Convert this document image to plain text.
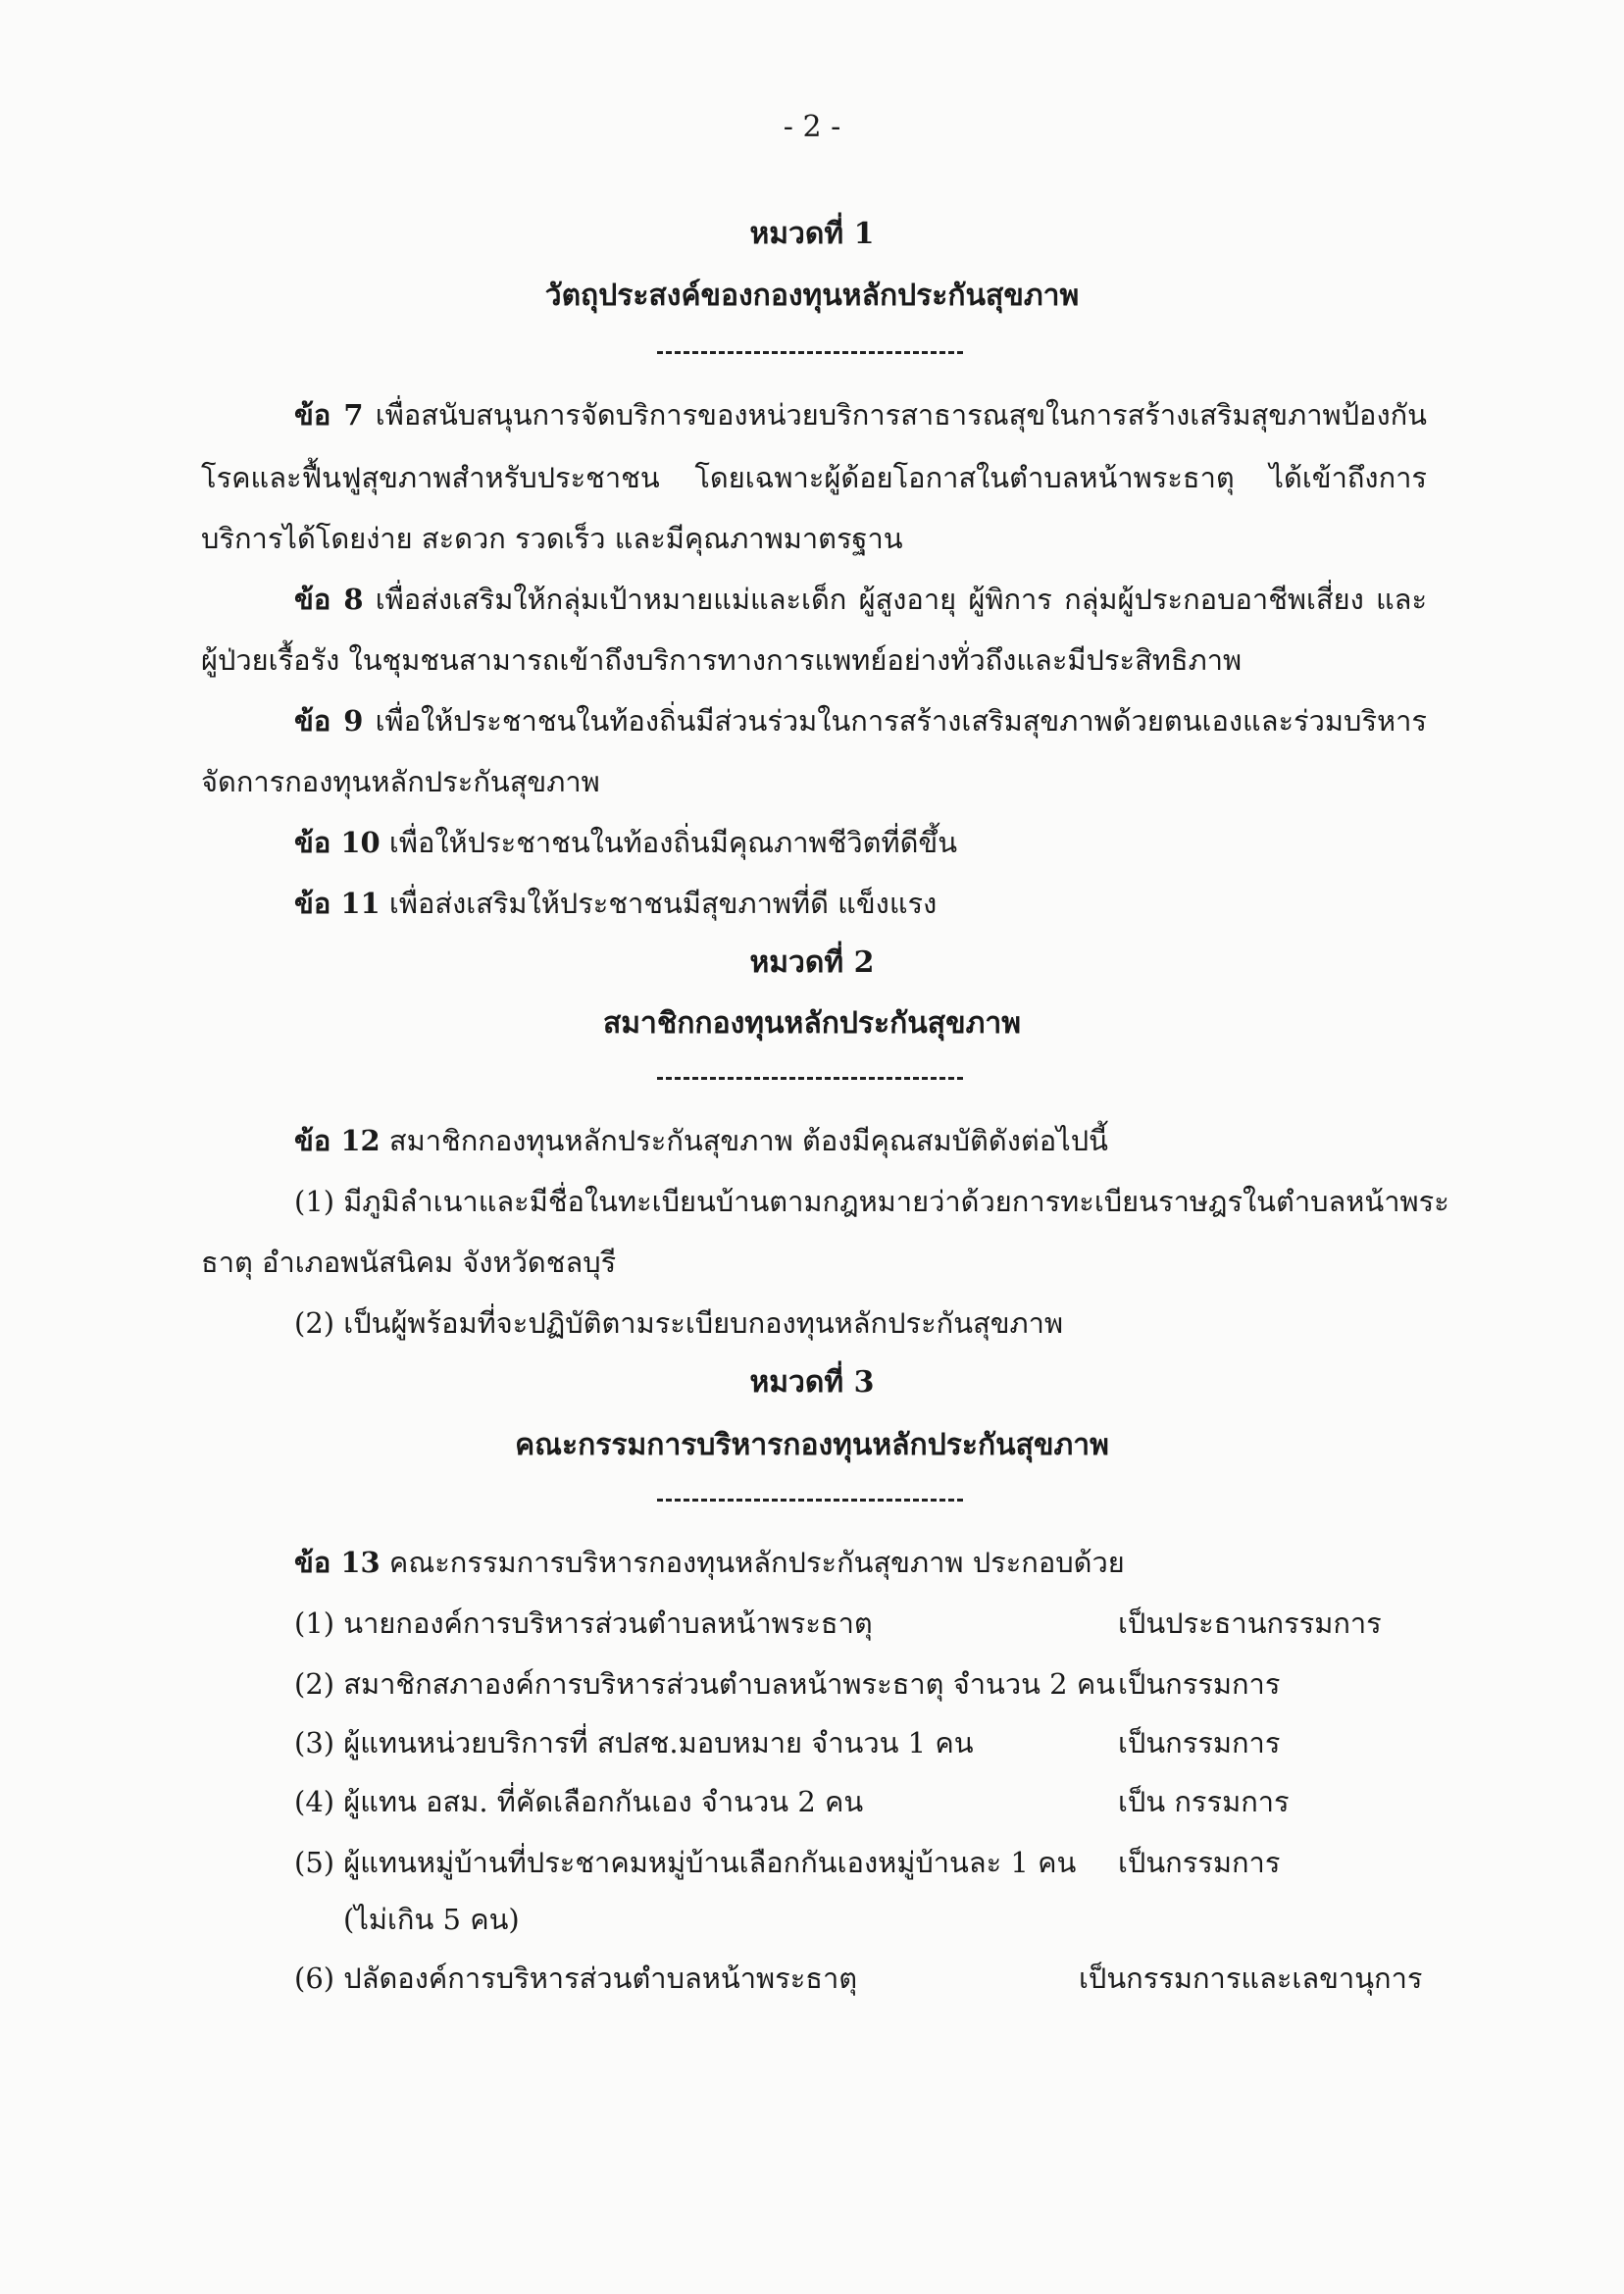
- 2 -
หมวดที่ 1
วัตถุประสงค์ของกองทุนหลักประกันสุขภาพ
ข้อ 7 เพื่อสนับสนุนการจัดบริการของหน่วยบริการสาธารณสุขในการสร้างเสริมสุขภาพป้องกัน
โรคและฟื้นฟูสุขภาพสำหรับประชาชน โดยเฉพาะผู้ด้อยโอกาสในตำบลหน้าพระธาตุ ได้เข้าถึงการ
บริการได้โดยง่าย สะดวก รวดเร็ว และมีคุณภาพมาตรฐาน
ข้อ 8 เพื่อส่งเสริมให้กลุ่มเป้าหมายแม่และเด็ก ผู้สูงอายุ ผู้พิการ กลุ่มผู้ประกอบอาชีพเสี่ยง และ
ผู้ป่วยเรื้อรัง ในชุมชนสามารถเข้าถึงบริการทางการแพทย์อย่างทั่วถึงและมีประสิทธิภาพ
ข้อ 9 เพื่อให้ประชาชนในท้องถิ่นมีส่วนร่วมในการสร้างเสริมสุขภาพด้วยตนเองและร่วมบริหาร
จัดการกองทุนหลักประกันสุขภาพ
ข้อ 10 เพื่อให้ประชาชนในท้องถิ่นมีคุณภาพชีวิตที่ดีขึ้น
ข้อ 11 เพื่อส่งเสริมให้ประชาชนมีสุขภาพที่ดี แข็งแรง
หมวดที่ 2
สมาชิกกองทุนหลักประกันสุขภาพ
ข้อ 12 สมาชิกกองทุนหลักประกันสุขภาพ ต้องมีคุณสมบัติดังต่อไปนี้
(1) มีภูมิลำเนาและมีชื่อในทะเบียนบ้านตามกฎหมายว่าด้วยการทะเบียนราษฎรในตำบลหน้าพระ
ธาตุ อำเภอพนัสนิคม จังหวัดชลบุรี
(2) เป็นผู้พร้อมที่จะปฏิบัติตามระเบียบกองทุนหลักประกันสุขภาพ
หมวดที่ 3
คณะกรรมการบริหารกองทุนหลักประกันสุขภาพ
ข้อ 13 คณะกรรมการบริหารกองทุนหลักประกันสุขภาพ ประกอบด้วย
(1) นายกองค์การบริหารส่วนตำบลหน้าพระธาตุ	เป็นประธานกรรมการ
(2) สมาชิกสภาองค์การบริหารส่วนตำบลหน้าพระธาตุ จำนวน 2 คน เป็นกรรมการ
(3) ผู้แทนหน่วยบริการที่ สปสช.มอบหมาย จำนวน 1 คน	เป็นกรรมการ
(4) ผู้แทน อสม. ที่คัดเลือกกันเอง จำนวน 2 คน	เป็น กรรมการ
(5) ผู้แทนหมู่บ้านที่ประชาคมหมู่บ้านเลือกกันเองหมู่บ้านละ 1 คน เป็นกรรมการ
(ไม่เกิน 5 คน)
(6) ปลัดองค์การบริหารส่วนตำบลหน้าพระธาตุ	เป็นกรรมการและเลขานุการ
